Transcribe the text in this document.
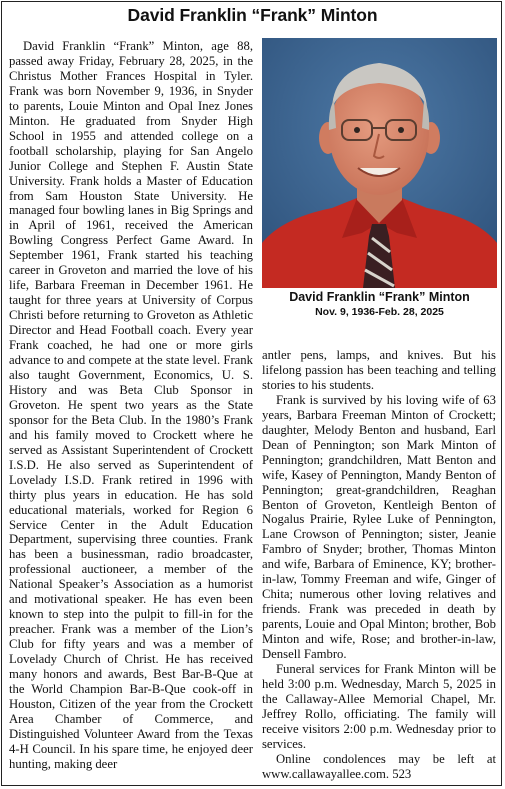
David Franklin “Frank” Minton

David Franklin “Frank” Minton, age 88, passed away Friday, February 28, 2025, in the Christus Mother Frances Hospital in Tyler. Frank was born November 9, 1936, in Snyder to parents, Louie Minton and Opal Inez Jones Minton. He graduated from Snyder High School in 1955 and attended college on a football scholarship, playing for San Angelo Junior College and Stephen F. Austin State University. Frank holds a Master of Education from Sam Houston State University. He managed four bowling lanes in Big Springs and in April of 1961, received the American Bowling Congress Perfect Game Award. In September 1961, Frank started his teaching career in Groveton and married the love of his life, Barbara Freeman in December 1961. He taught for three years at University of Corpus Christi before returning to Groveton as Athletic Director and Head Football coach. Every year Frank coached, he had one or more girls advance to and compete at the state level. Frank also taught Government, Economics, U. S. History and was Beta Club Sponsor in Groveton. He spent two years as the State sponsor for the Beta Club. In the 1980’s Frank and his family moved to Crockett where he served as Assistant Superintendent of Crockett I.S.D. He also served as Superintendent of Lovelady I.S.D. Frank retired in 1996 with thirty plus years in education. He has sold educational materials, worked for Region 6 Service Center in the Adult Education Department, supervising three counties. Frank has been a businessman, radio broadcaster, professional auctioneer, a member of the National Speaker’s Association as a humorist and motivational speaker. He has even been known to step into the pulpit to fill-in for the preacher. Frank was a member of the Lion’s Club for fifty years and was a member of Lovelady Church of Christ. He has received many honors and awards, Best Bar-B-Que at the World Champion Bar-B-Que cook-off in Houston, Citizen of the year from the Crockett Area Chamber of Commerce, and Distinguished Volunteer Award from the Texas 4-H Council. In his spare time, he enjoyed deer hunting, making deer

David Franklin “Frank” Minton
Nov. 9, 1936-Feb. 28, 2025

antler pens, lamps, and knives. But his lifelong passion has been teaching and telling stories to his students.

Frank is survived by his loving wife of 63 years, Barbara Freeman Minton of Crockett; daughter, Melody Benton and husband, Earl Dean of Pennington; son Mark Minton of Pennington; grandchildren, Matt Benton and wife, Kasey of Pennington, Mandy Benton of Pennington; great-grandchildren, Reaghan Benton of Groveton, Kentleigh Benton of Nogalus Prairie, Rylee Luke of Pennington, Lane Crowson of Pennington; sister, Jeanie Fambro of Snyder; brother, Thomas Minton and wife, Barbara of Eminence, KY; brother-in-law, Tommy Freeman and wife, Ginger of Chita; numerous other loving relatives and friends. Frank was preceded in death by parents, Louie and Opal Minton; brother, Bob Minton and wife, Rose; and brother-in-law, Densell Fambro.

Funeral services for Frank Minton will be held 3:00 p.m. Wednesday, March 5, 2025 in the Callaway-Allee Memorial Chapel, Mr. Jeffrey Rollo, officiating. The family will receive visitors 2:00 p.m. Wednesday prior to services.

Online condolences may be left at www.callawayallee.com. 523
